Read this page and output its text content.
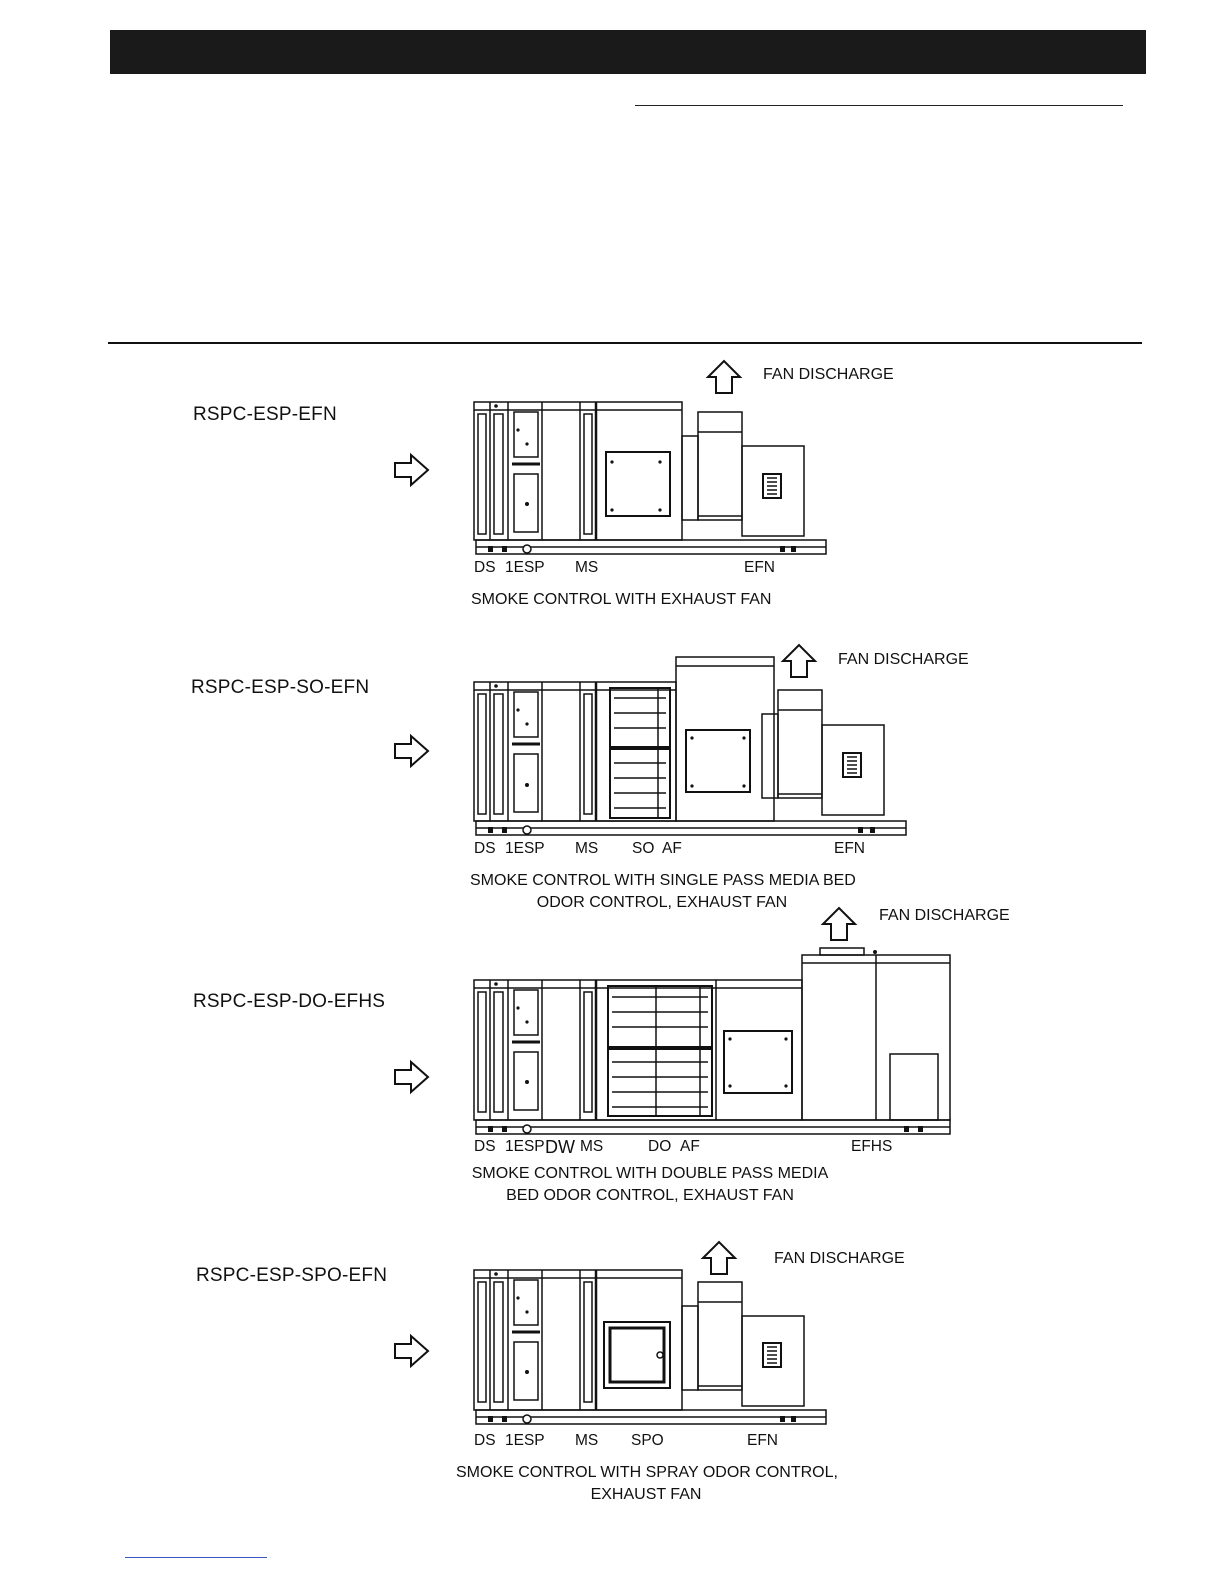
RSPC-ESP-EFN
FAN DISCHARGE
DS 1ESP MS	EFN
SMOKE CONTROL WITH EXHAUST FAN
RSPC-ESP-SO-EFN
FAN DISCHARGE
DS 1ESP MS SO AF	EFN
SMOKE CONTROL WITH SINGLE PASS MEDIA BED
ODOR CONTROL, EXHAUST FAN
RSPC-ESP-DO-EFHS
FAN DISCHARGE
DS 1ESP DW MS	DO AF	EFHS
SMOKE CONTROL WITH DOUBLE PASS MEDIA
BED ODOR CONTROL, EXHAUST FAN
RSPC-ESP-SPO-EFN
FAN DISCHARGE
DS 1ESP MS SPO	EFN
SMOKE CONTROL WITH SPRAY ODOR CONTROL,
EXHAUST FAN
